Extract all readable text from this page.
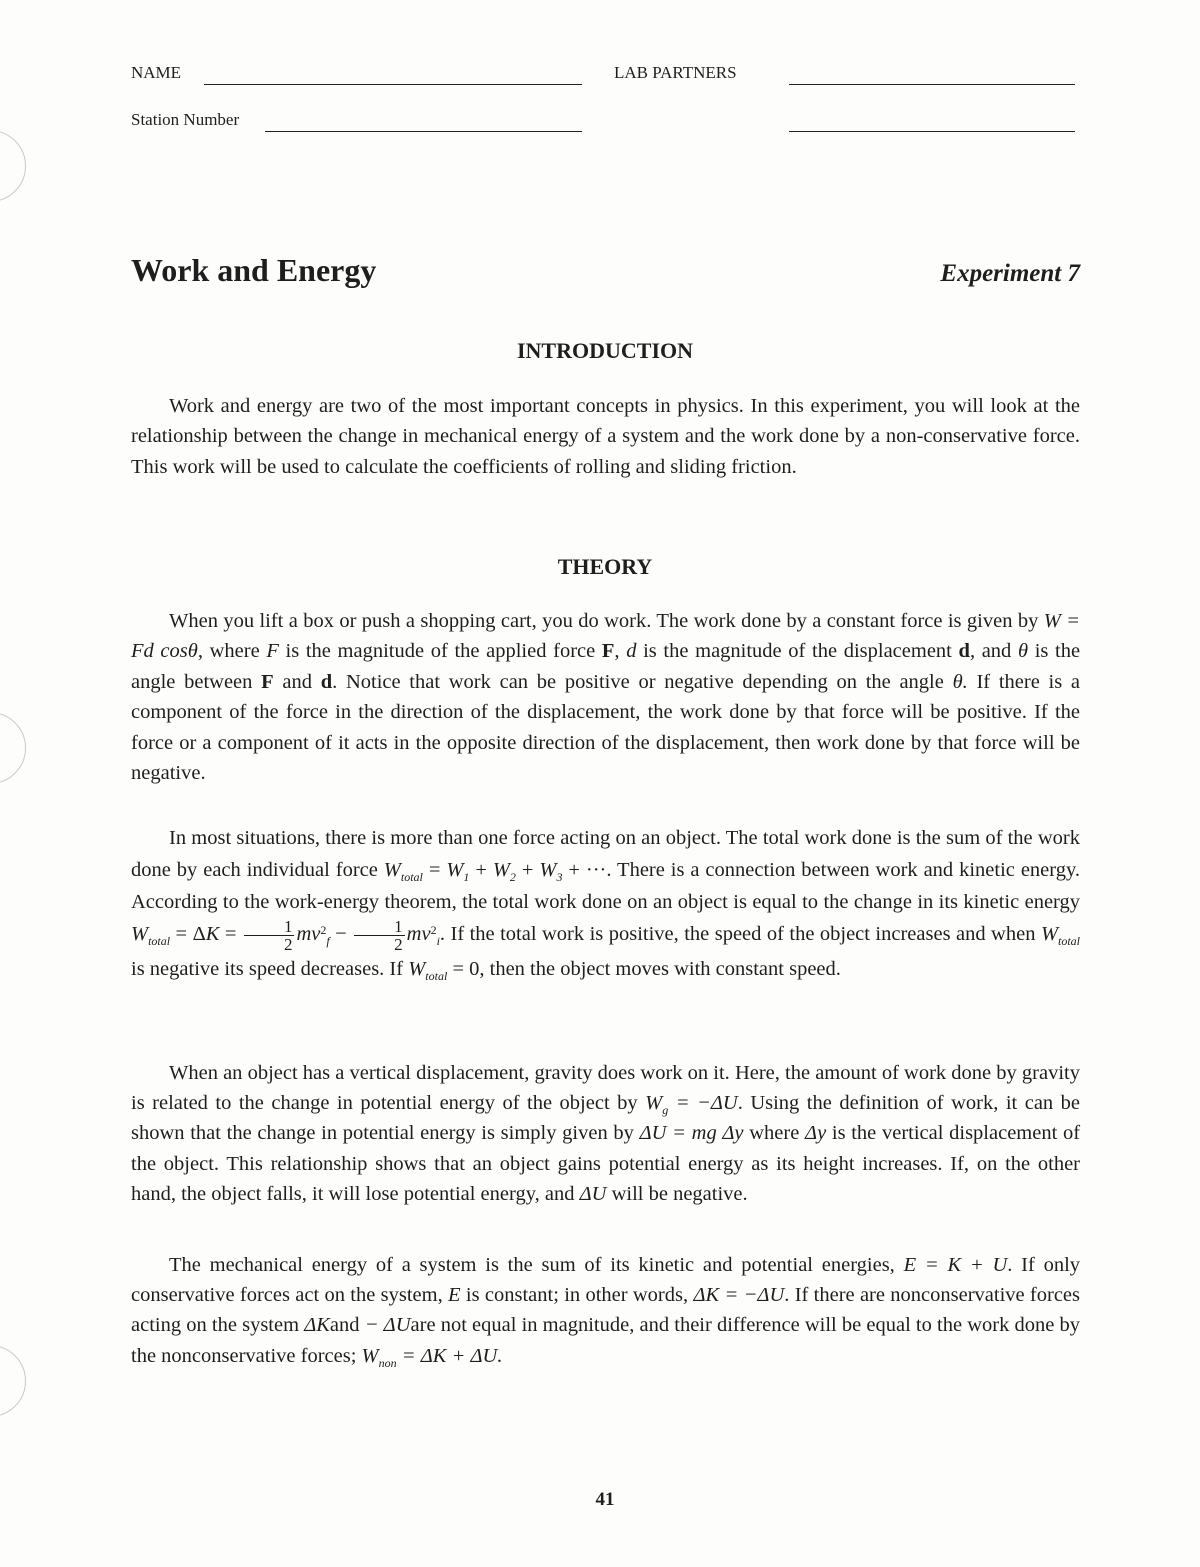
NAME	LAB PARTNERS
Station Number
Work and Energy	Experiment 7
INTRODUCTION
Work and energy are two of the most important concepts in physics. In this experiment, you will look at the relationship between the change in mechanical energy of a system and the work done by a non-conservative force. This work will be used to calculate the coefficients of rolling and sliding friction.
THEORY
When you lift a box or push a shopping cart, you do work. The work done by a constant force is given by W = Fd cosθ, where F is the magnitude of the applied force F, d is the magnitude of the displacement d, and θ is the angle between F and d. Notice that work can be positive or negative depending on the angle θ. If there is a component of the force in the direction of the displacement, the work done by that force will be positive. If the force or a component of it acts in the opposite direction of the displacement, then work done by that force will be negative.
In most situations, there is more than one force acting on an object. The total work done is the sum of the work done by each individual force $W_{total} = W_1 + W_2 + W_3$ + ···. There is a connection between work and kinetic energy. According to the work-energy theorem, the total work done on an object is equal to the change in its kinetic energy $W_{total} = \Delta K = \frac{1}{2} mv^2_f - \frac{1}{2} mv^2_i$. If the total work is positive, the speed of the object increases and when $W_{total}$ is negative its speed decreases. If $W_{total} = 0$, then the object moves with constant speed.
When an object has a vertical displacement, gravity does work on it. Here, the amount of work done by gravity is related to the change in potential energy of the object by $W_g = -\Delta U$. Using the definition of work, it can be shown that the change in potential energy is simply given by ΔU = mg Δy where Δy is the vertical displacement of the object. This relationship shows that an object gains potential energy as its height increases. If, on the other hand, the object falls, it will lose potential energy, and ΔU will be negative.
The mechanical energy of a system is the sum of its kinetic and potential energies, E = K + U. If only conservative forces act on the system, E is constant; in other words, ΔK = −ΔU. If there are nonconservative forces acting on the system ΔKand − ΔUare not equal in magnitude, and their difference will be equal to the work done by the nonconservative forces; $W_{non} = \Delta K + \Delta U$.
41
